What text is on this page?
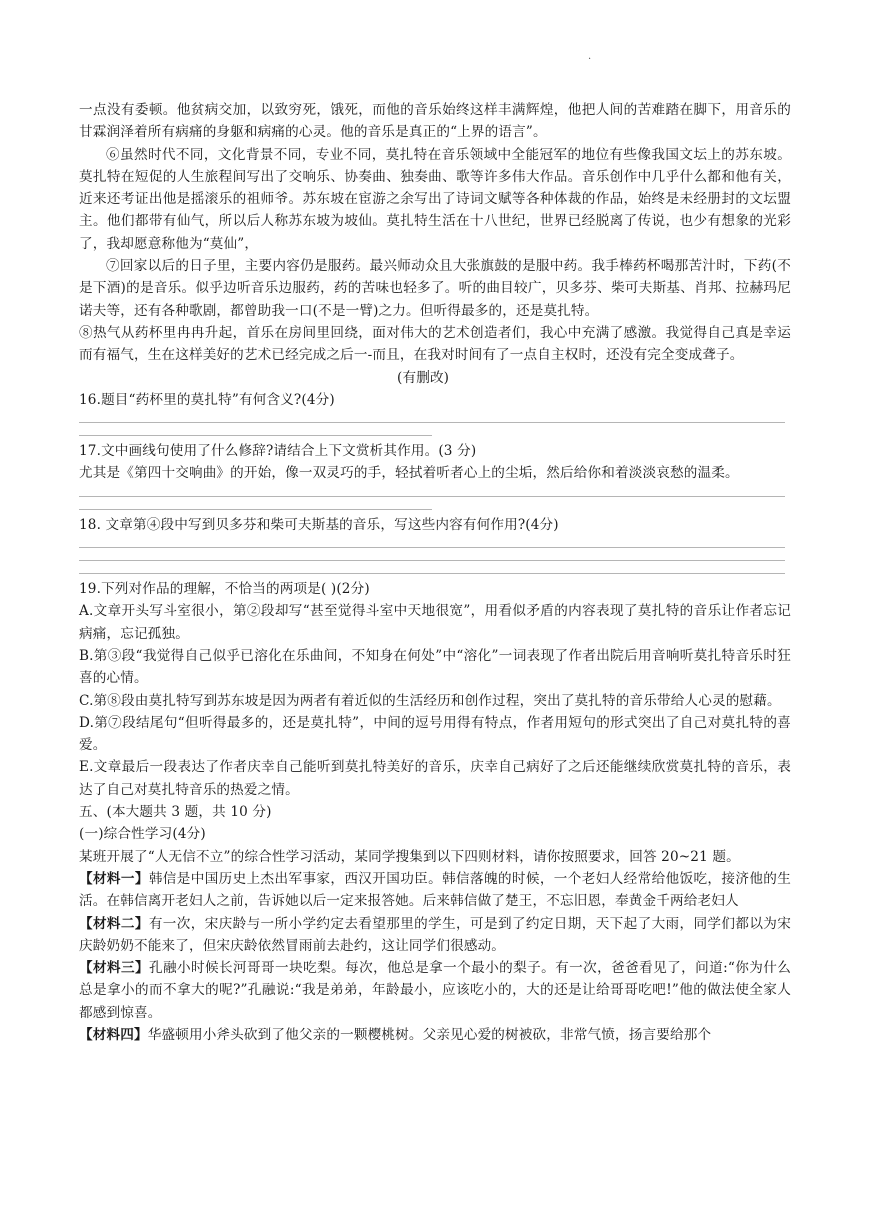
.

一点没有委顿。他贫病交加，以致穷死，饿死，而他的音乐始终这样丰满辉煌，他把人间的苦难踏在脚下，用音乐的甘霖润泽着所有病痛的身躯和病痛的心灵。他的音乐是真正的“上界的语言”。

⑥虽然时代不同，文化背景不同，专业不同，莫扎特在音乐领域中全能冠军的地位有些像我国文坛上的苏东坡。莫扎特在短促的人生旅程间写出了交响乐、协奏曲、独奏曲、歌等许多伟大作品。音乐创作中几乎什么都和他有关，近来还考证出他是摇滚乐的祖师爷。苏东坡在宦游之余写出了诗词文赋等各种体裁的作品，始终是未经册封的文坛盟主。他们都带有仙气，所以后人称苏东坡为坡仙。莫扎特生活在十八世纪，世界已经脱离了传说，也少有想象的光彩了，我却愿意称他为“莫仙”，

⑦回家以后的日子里，主要内容仍是服药。最兴师动众且大张旗鼓的是服中药。我手棒药杯喝那苦汁时，下药(不是下酒)的是音乐。似乎边听音乐边服药，药的苦味也轻多了。听的曲目较广，贝多芬、柴可夫斯基、肖邦、拉赫玛尼诺夫等，还有各种歌剧，都曾助我一口(不是一臂)之力。但听得最多的，还是莫扎特。

⑧热气从药杯里冉冉升起，首乐在房间里回绕，面对伟大的艺术创造者们，我心中充满了感激。我觉得自己真是幸运而有福气，生在这样美好的艺术已经完成之后一-而且，在我对时间有了一点自主权时，还没有完全变成聋子。

(有删改)

16.题目“药杯里的莫扎特”有何含义?(4分)

17.文中画线句使用了什么修辞?请结合上下文赏析其作用。(3 分)

尤其是《第四十交响曲》的开始，像一双灵巧的手，轻拭着听者心上的尘垢，然后给你和着淡淡哀愁的温柔。

18. 文章第④段中写到贝多芬和柴可夫斯基的音乐，写这些内容有何作用?(4分)

19.下列对作品的理解，不恰当的两项是( )(2分)

A.文章开头写斗室很小，第②段却写“甚至觉得斗室中天地很宽”，用看似矛盾的内容表现了莫扎特的音乐让作者忘记病痛，忘记孤独。

B.第③段“我觉得自己似乎已溶化在乐曲间，不知身在何处”中“溶化”一词表现了作者出院后用音响听莫扎特音乐时狂喜的心情。

C.第⑧段由莫扎特写到苏东坡是因为两者有着近似的生活经历和创作过程，突出了莫扎特的音乐带给人心灵的慰藉。

D.第⑦段结尾句“但听得最多的，还是莫扎特”，中间的逗号用得有特点，作者用短句的形式突出了自己对莫扎特的喜爱。

E.文章最后一段表达了作者庆幸自己能听到莫扎特美好的音乐，庆幸自己病好了之后还能继续欣赏莫扎特的音乐，表达了自己对莫扎特音乐的热爱之情。

五、(本大题共 3 题，共 10 分)

(一)综合性学习(4分)

某班开展了“人无信不立”的综合性学习活动，某同学搜集到以下四则材料，请你按照要求，回答 20~21 题。

【材料一】韩信是中国历史上杰出军事家，西汉开国功臣。韩信落魄的时候，一个老妇人经常给他饭吃，接济他的生活。在韩信离开老妇人之前，告诉她以后一定来报答她。后来韩信做了楚王，不忘旧恩，奉黄金千两给老妇人

【材料二】有一次，宋庆龄与一所小学约定去看望那里的学生，可是到了约定日期，天下起了大雨，同学们都以为宋庆龄奶奶不能来了，但宋庆龄依然冒雨前去赴约，这让同学们很感动。

【材料三】孔融小时候长河哥哥一块吃梨。每次，他总是拿一个最小的梨子。有一次，爸爸看见了，问道:“你为什么总是拿小的而不拿大的呢?”孔融说:“我是弟弟，年龄最小，应该吃小的，大的还是让给哥哥吃吧!”他的做法使全家人都感到惊喜。

【材料四】华盛顿用小斧头砍到了他父亲的一颗樱桃树。父亲见心爱的树被砍，非常气愤，扬言要给那个
